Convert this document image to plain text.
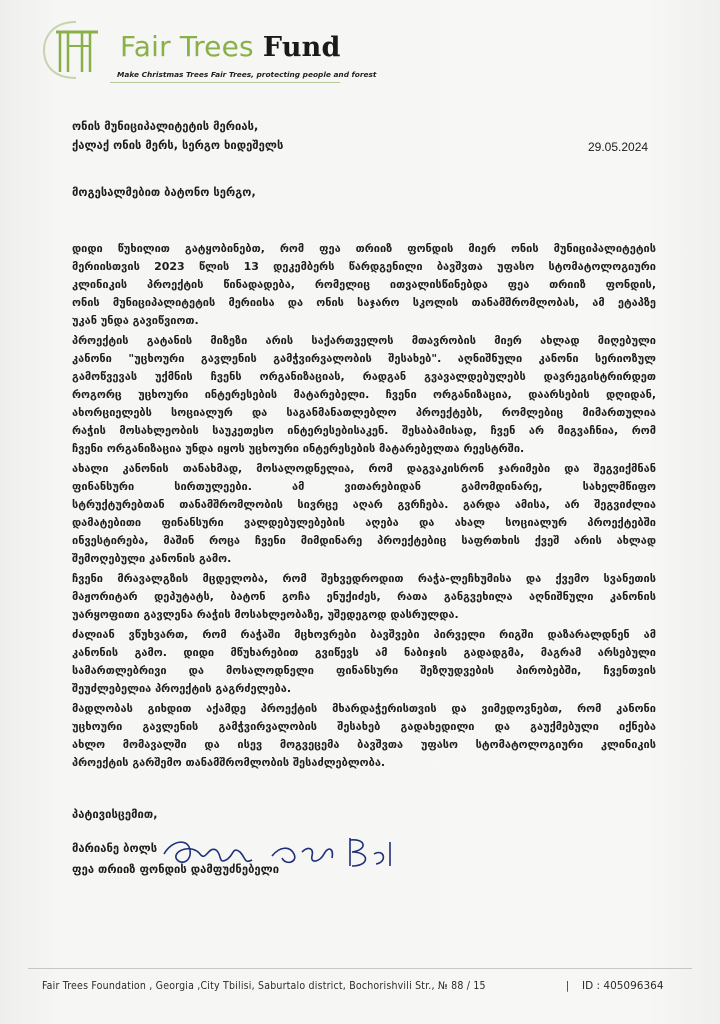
Fair Trees Fund
Make Christmas Trees Fair Trees, protecting people and forest
ონის მუნიციპალიტეტის მერიას,
ქალაქ ონის მერს, სერგო ხიდეშელს	29.05.2024
მოგესალმებით ბატონო სერგო,
დიდი წუხილით გატყობინებთ, რომ ფეა თრიიზ ფონდის მიერ ონის მუნიციპალიტეტის
მერიისთვის 2023 წლის 13 დეკემბერს წარდგენილი ბავშვთა უფასო სტომატოლოგიური
კლინიკის პროექტის წინადადება, რომელიც ითვალისწინებდა ფეა თრიიზ ფონდის,
ონის მუნიციპალიტეტის მერიისა და ონის საჯარო სკოლის თანამშრომლობას, ამ ეტაპზე
უკან უნდა გავიწვიოთ.
პროექტის გატანის მიზეზი არის საქართველოს მთავრობის მიერ ახლად მიღებული
კანონი "უცხოური გავლენის გამჭვირვალობის შესახებ". აღნიშნული კანონი სერიოზულ
გამოწვევას უქმნის ჩვენს ორგანიზაციას, რადგან გვავალდებულებს დავრეგისტრირდეთ
როგორც უცხოური ინტერესების მატარებელი. ჩვენი ორგანიზაცია, დაარსების დღიდან,
ახორციელებს სოციალურ და საგანმანათლებლო პროექტებს, რომლებიც მიმართულია
რაჭის მოსახლეობის საუკეთესო ინტერესებისაკენ. შესაბამისად, ჩვენ არ მიგვაჩნია, რომ
ჩვენი ორგანიზაცია უნდა იყოს უცხოური ინტერესების მატარებელთა რეესტრში.
ახალი კანონის თანახმად, მოსალოდნელია, რომ დაგვაკისრონ ჯარიმები და შეგვიქმნან
ფინანსური სირთულეები. ამ ვითარებიდან გამომდინარე, სახელმწიფო
სტრუქტურებთან თანამშრომლობის სივრცე აღარ გვრჩება. გარდა ამისა, არ შეგვიძლია
დამატებითი ფინანსური ვალდებულებების აღება და ახალ სოციალურ პროექტებში
ინვესტირება, მაშინ როცა ჩვენი მიმდინარე პროექტებიც საფრთხის ქვეშ არის ახლად
შემოღებული კანონის გამო.
ჩვენი მრავალგზის მცდელობა, რომ შეხვედროდით რაჭა-ლეჩხუმისა და ქვემო სვანეთის
მაჟორიტარ დეპუტატს, ბატონ გოჩა ენუქიძეს, რათა განგვეხილა აღნიშნული კანონის
უარყოფითი გავლენა რაჭის მოსახლეობაზე, უშედეგოდ დასრულდა.
ძალიან ვწუხვართ, რომ რაჭაში მცხოვრები ბავშვები პირველი რიგში დაზარალდნენ ამ
კანონის გამო. დიდი მწუხარებით გვიწევს ამ ნაბიჯის გადადგმა, მაგრამ არსებული
სამართლებრივი და მოსალოდნელი ფინანსური შეზღუდვების პირობებში, ჩვენთვის
შეუძლებელია პროექტის გაგრძელება.
მადლობას გიხდით აქამდე პროექტის მხარდაჭერისთვის და ვიმედოვნებთ, რომ კანონი
უცხოური გავლენის გამჭვირვალობის შესახებ გადახედილი და გაუქმებული იქნება
ახლო მომავალში და ისევ მოგვეცემა ბავშვთა უფასო სტომატოლოგიური კლინიკის
პროექტის გარშემო თანამშრომლობის შესაძლებლობა.
პატივისცემით,
მარიანე ბოლს
ფეა თრიიზ ფონდის დამფუძნებელი
Fair Trees Foundation , Georgia ,City Tbilisi, Saburtalo district, Bochorishvili Str., № 88 / 15	| ID : 405096364
